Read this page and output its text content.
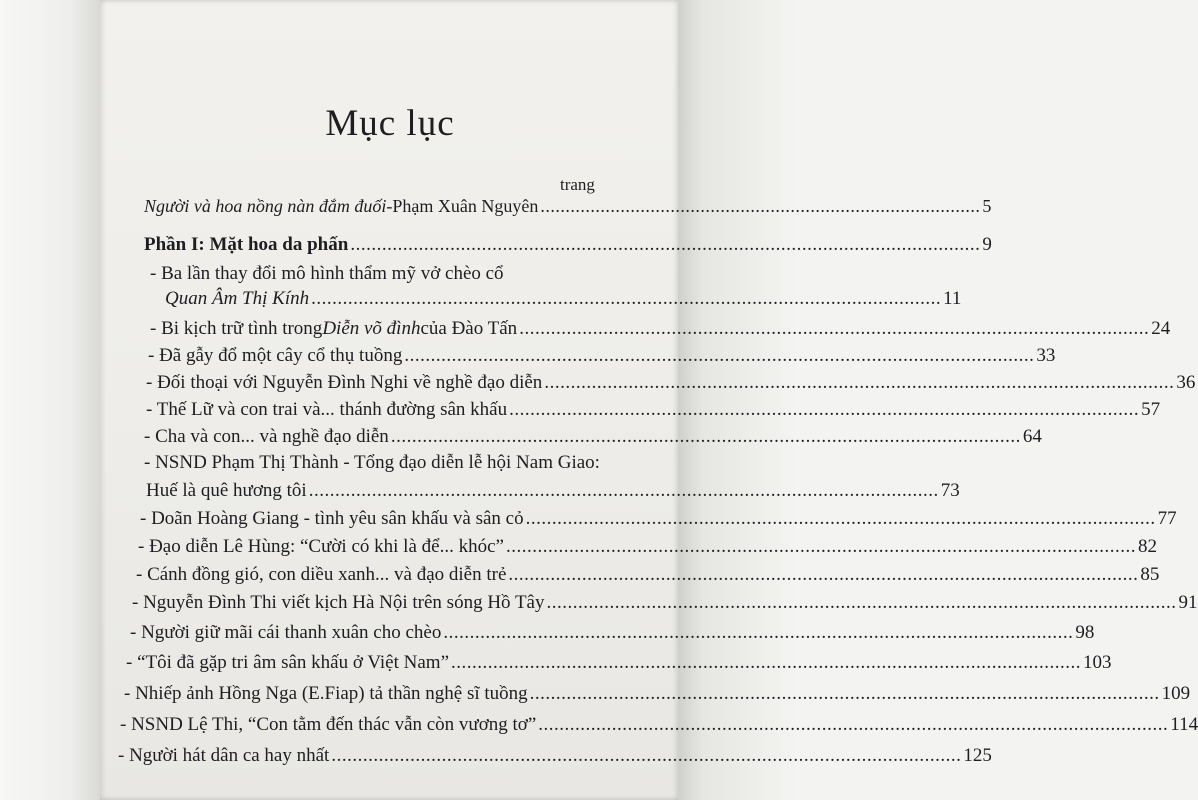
Mục lục
trang
Người và hoa nồng nàn đắm đuối - Phạm Xuân Nguyên ........................................................................................ 5
Phần I: Mặt hoa da phấn ........................................................................................................................ 9
- Ba lần thay đổi mô hình thẩm mỹ vở chèo cổ
Quan Âm Thị Kính ........................................................................................................................ 11
- Bi kịch trữ tình trong Diễn võ đình của Đào Tấn ........................................................................................................................ 24
- Đã gẫy đổ một cây cổ thụ tuồng ........................................................................................................................ 33
- Đối thoại với Nguyễn Đình Nghi về nghề đạo diễn ........................................................................................................................ 36
- Thế Lữ và con trai và... thánh đường sân khấu ........................................................................................................................ 57
- Cha và con... và nghề đạo diễn ........................................................................................................................ 64
- NSND Phạm Thị Thành - Tổng đạo diễn lễ hội Nam Giao:
Huế là quê hương tôi ........................................................................................................................ 73
- Doãn Hoàng Giang - tình yêu sân khấu và sân cỏ ........................................................................................................................ 77
- Đạo diễn Lê Hùng: “Cười có khi là để... khóc” ........................................................................................................................ 82
- Cánh đồng gió, con diều xanh... và đạo diễn trẻ ........................................................................................................................ 85
- Nguyễn Đình Thi viết kịch Hà Nội trên sóng Hồ Tây ........................................................................................................................ 91
- Người giữ mãi cái thanh xuân cho chèo ........................................................................................................................ 98
- “Tôi đã gặp tri âm sân khấu ở Việt Nam” ........................................................................................................................ 103
- Nhiếp ảnh Hồng Nga (E.Fiap) tả thần nghệ sĩ tuồng ........................................................................................................................ 109
- NSND Lệ Thi, “Con tằm đến thác vẫn còn vương tơ” ........................................................................................................................ 114
- Người hát dân ca hay nhất ........................................................................................................................ 125
